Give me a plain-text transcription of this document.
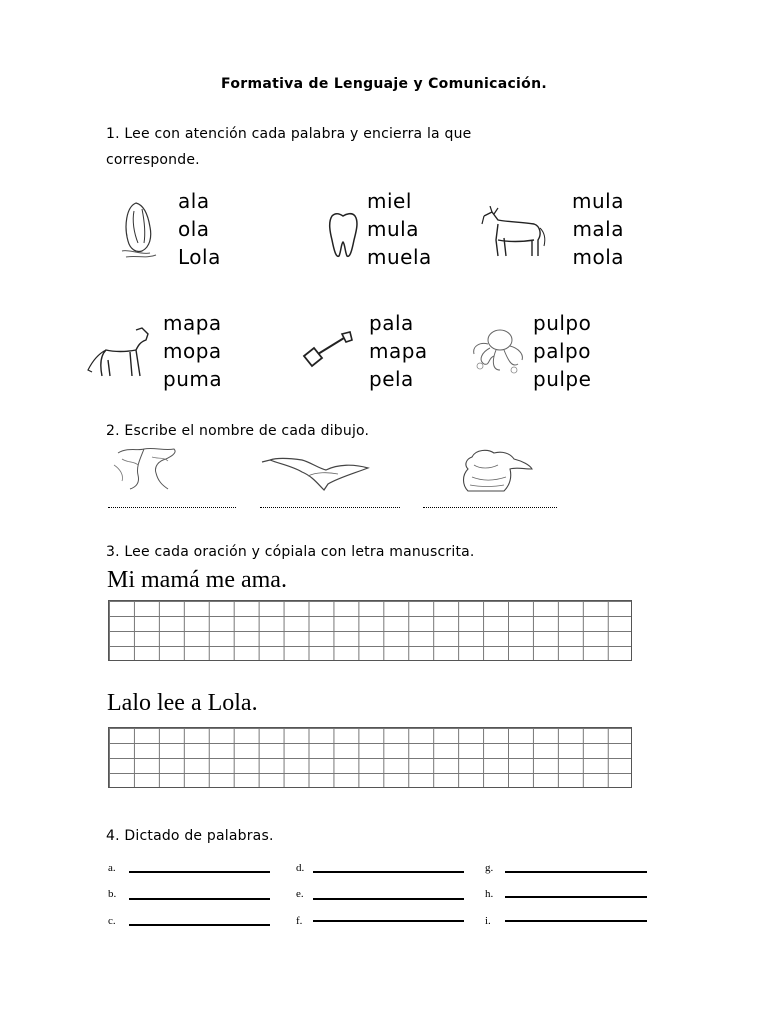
Formativa de Lenguaje y Comunicación.
1. Lee con atención cada palabra y encierra la que
corresponde.
ala
ola
Lola
miel
mula
muela
mula
mala
mola
mapa
mopa
puma
pala
mapa
pela
pulpo
palpo
pulpe
2. Escribe el nombre de cada dibujo.
3. Lee cada oración y cópiala con letra manuscrita.
Mi mamá me ama.
Lalo lee a Lola.
4. Dictado de palabras.
a.
b.
c.
d.
e.
f.
g.
h.
i.
